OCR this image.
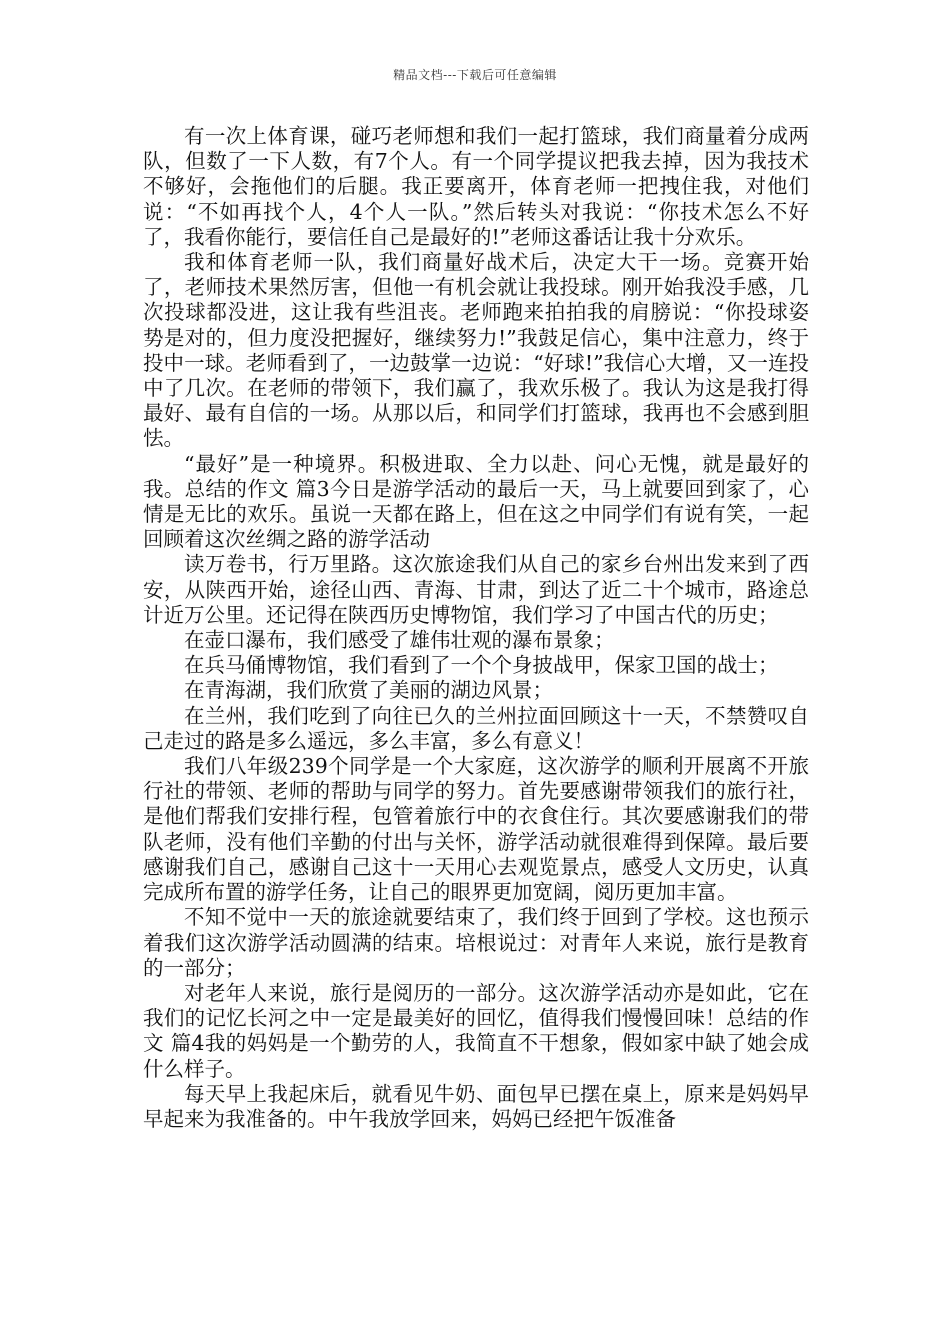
精品文档---下载后可任意编辑

有一次上体育课，碰巧老师想和我们一起打篮球，我们商量着分成两队，但数了一下人数，有7个人。有一个同学提议把我去掉，因为我技术不够好，会拖他们的后腿。我正要离开，体育老师一把拽住我，对他们说：“不如再找个人，4个人一队。”然后转头对我说：“你技术怎么不好了，我看你能行，要信任自己是最好的!”老师这番话让我十分欢乐。

我和体育老师一队，我们商量好战术后，决定大干一场。竞赛开始了，老师技术果然厉害，但他一有机会就让我投球。刚开始我没手感，几次投球都没进，这让我有些沮丧。老师跑来拍拍我的肩膀说：“你投球姿势是对的，但力度没把握好，继续努力!”我鼓足信心，集中注意力，终于投中一球。老师看到了，一边鼓掌一边说：“好球!”我信心大增，又一连投中了几次。在老师的带领下，我们赢了，我欢乐极了。我认为这是我打得最好、最有自信的一场。从那以后，和同学们打篮球，我再也不会感到胆怯。

“最好”是一种境界。积极进取、全力以赴、问心无愧，就是最好的我。总结的作文 篇3今日是游学活动的最后一天，马上就要回到家了，心情是无比的欢乐。虽说一天都在路上，但在这之中同学们有说有笑，一起回顾着这次丝绸之路的游学活动

读万卷书，行万里路。这次旅途我们从自己的家乡台州出发来到了西安，从陕西开始，途径山西、青海、甘肃，到达了近二十个城市，路途总计近万公里。还记得在陕西历史博物馆，我们学习了中国古代的历史；

在壶口瀑布，我们感受了雄伟壮观的瀑布景象；

在兵马俑博物馆，我们看到了一个个身披战甲，保家卫国的战士；

在青海湖，我们欣赏了美丽的湖边风景；

在兰州，我们吃到了向往已久的兰州拉面回顾这十一天，不禁赞叹自己走过的路是多么遥远，多么丰富，多么有意义！

我们八年级239个同学是一个大家庭，这次游学的顺利开展离不开旅行社的带领、老师的帮助与同学的努力。首先要感谢带领我们的旅行社，是他们帮我们安排行程，包管着旅行中的衣食住行。其次要感谢我们的带队老师，没有他们辛勤的付出与关怀，游学活动就很难得到保障。最后要感谢我们自己，感谢自己这十一天用心去观览景点，感受人文历史，认真完成所布置的游学任务，让自己的眼界更加宽阔，阅历更加丰富。

不知不觉中一天的旅途就要结束了，我们终于回到了学校。这也预示着我们这次游学活动圆满的结束。培根说过：对青年人来说，旅行是教育的一部分；

对老年人来说，旅行是阅历的一部分。这次游学活动亦是如此，它在我们的记忆长河之中一定是最美好的回忆，值得我们慢慢回味！总结的作文 篇4我的妈妈是一个勤劳的人，我简直不干想象，假如家中缺了她会成什么样子。

每天早上我起床后，就看见牛奶、面包早已摆在桌上，原来是妈妈早早起来为我准备的。中午我放学回来，妈妈已经把午饭准备
